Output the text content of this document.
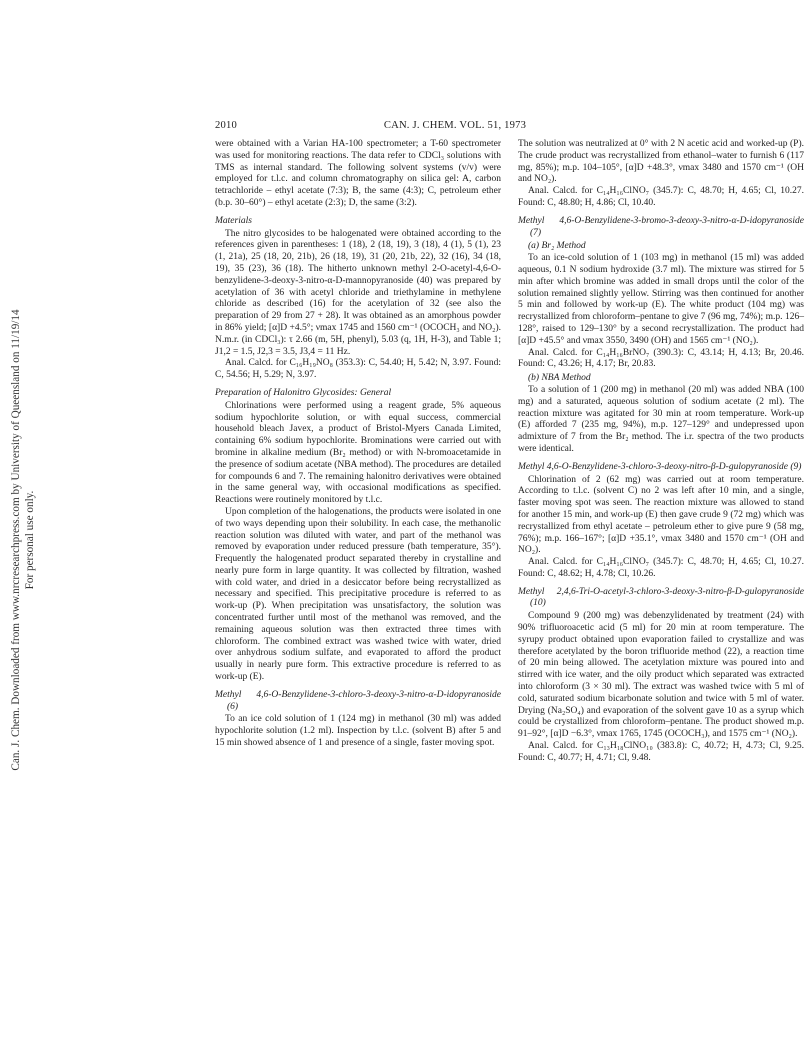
Can. J. Chem. Downloaded from www.nrcresearchpress.com by University of Queensland on 11/19/14 For personal use only.
2010	CAN. J. CHEM. VOL. 51, 1973

were obtained with a Varian HA-100 spectrometer; a T-60 spectrometer was used for monitoring reactions. The data refer to CDCl₃ solutions with TMS as internal standard. The following solvent systems (v/v) were employed for t.l.c. and column chromatography on silica gel: A, carbon tetrachloride – ethyl acetate (7:3); B, the same (4:3); C, petroleum ether (b.p. 30–60°) – ethyl acetate (2:3); D, the same (3:2).

Materials

The nitro glycosides to be halogenated were obtained according to the references given in parentheses: 1 (18), 2 (18, 19), 3 (18), 4 (1), 5 (1), 23 (1, 21a), 25 (18, 20, 21b), 26 (18, 19), 31 (20, 21b, 22), 32 (16), 34 (18, 19), 35 (23), 36 (18). The hitherto unknown methyl 2-O-acetyl-4,6-O-benzylidene-3-deoxy-3-nitro-α-D-mannopyranoside (40) was prepared by acetylation of 36 with acetyl chloride and triethylamine in methylene chloride as described (16) for the acetylation of 32 (see also the preparation of 29 from 27 + 28). It was obtained as an amorphous powder in 86% yield; [α]D +4.5°; νmax 1745 and 1560 cm⁻¹ (OCOCH₃ and NO₂). N.m.r. (in CDCl₃): τ 2.66 (m, 5H, phenyl), 5.03 (q, 1H, H-3), and Table 1; J1,2 = 1.5, J2,3 = 3.5, J3,4 = 11 Hz.

Anal. Calcd. for C₁₆H₁₉NO₈ (353.3): C, 54.40; H, 5.42; N, 3.97. Found: C, 54.56; H, 5.29; N, 3.97.

Preparation of Halonitro Glycosides: General

Chlorinations were performed using a reagent grade, 5% aqueous sodium hypochlorite solution, or with equal success, commercial household bleach Javex, a product of Bristol-Myers Canada Limited, containing 6% sodium hypochlorite. Brominations were carried out with bromine in alkaline medium (Br₂ method) or with N-bromoacetamide in the presence of sodium acetate (NBA method). The procedures are detailed for compounds 6 and 7. The remaining halonitro derivatives were obtained in the same general way, with occasional modifications as specified. Reactions were routinely monitored by t.l.c.

Upon completion of the halogenations, the products were isolated in one of two ways depending upon their solubility. In each case, the methanolic reaction solution was diluted with water, and part of the methanol was removed by evaporation under reduced pressure (bath temperature, 35°). Frequently the halogenated product separated thereby in crystalline and nearly pure form in large quantity. It was collected by filtration, washed with cold water, and dried in a desiccator before being recrystallized as necessary and specified. This precipitative procedure is referred to as work-up (P). When precipitation was unsatisfactory, the solution was concentrated further until most of the methanol was removed, and the remaining aqueous solution was then extracted three times with chloroform. The combined extract was washed twice with water, dried over anhydrous sodium sulfate, and evaporated to afford the product usually in nearly pure form. This extractive procedure is referred to as work-up (E).

Methyl 4,6-O-Benzylidene-3-chloro-3-deoxy-3-nitro-α-D-idopyranoside (6)

To an ice cold solution of 1 (124 mg) in methanol (30 ml) was added hypochlorite solution (1.2 ml). Inspection by t.l.c. (solvent B) after 5 and 15 min showed absence of 1 and presence of a single, faster moving spot.

The solution was neutralized at 0° with 2 N acetic acid and worked-up (P). The crude product was recrystallized from ethanol–water to furnish 6 (117 mg, 85%); m.p. 104–105°, [α]D +48.3°, νmax 3480 and 1570 cm⁻¹ (OH and NO₂).

Anal. Calcd. for C₁₄H₁₆ClNO₇ (345.7): C, 48.70; H, 4.65; Cl, 10.27. Found: C, 48.80; H, 4.86; Cl, 10.40.

Methyl 4,6-O-Benzylidene-3-bromo-3-deoxy-3-nitro-α-D-idopyranoside (7)

(a) Br₂ Method

To an ice-cold solution of 1 (103 mg) in methanol (15 ml) was added aqueous, 0.1 N sodium hydroxide (3.7 ml). The mixture was stirred for 5 min after which bromine was added in small drops until the color of the solution remained slightly yellow. Stirring was then continued for another 5 min and followed by work-up (E). The white product (104 mg) was recrystallized from chloroform–pentane to give 7 (96 mg, 74%); m.p. 126–128°, raised to 129–130° by a second recrystallization. The product had [α]D +45.5° and νmax 3550, 3490 (OH) and 1565 cm⁻¹ (NO₂).

Anal. Calcd. for C₁₄H₁₆BrNO₇ (390.3): C, 43.14; H, 4.13; Br, 20.46. Found: C, 43.26; H, 4.17; Br, 20.83.

(b) NBA Method

To a solution of 1 (200 mg) in methanol (20 ml) was added NBA (100 mg) and a saturated, aqueous solution of sodium acetate (2 ml). The reaction mixture was agitated for 30 min at room temperature. Work-up (E) afforded 7 (235 mg, 94%), m.p. 127–129° and undepressed upon admixture of 7 from the Br₂ method. The i.r. spectra of the two products were identical.

Methyl 4,6-O-Benzylidene-3-chloro-3-deoxy-nitro-β-D-gulopyranoside (9)

Chlorination of 2 (62 mg) was carried out at room temperature. According to t.l.c. (solvent C) no 2 was left after 10 min, and a single, faster moving spot was seen. The reaction mixture was allowed to stand for another 15 min, and work-up (E) then gave crude 9 (72 mg) which was recrystallized from ethyl acetate – petroleum ether to give pure 9 (58 mg, 76%); m.p. 166–167°; [α]D +35.1°, νmax 3480 and 1570 cm⁻¹ (OH and NO₂).

Anal. Calcd. for C₁₄H₁₆ClNO₇ (345.7): C, 48.70; H, 4.65; Cl, 10.27. Found: C, 48.62; H, 4.78; Cl, 10.26.

Methyl 2,4,6-Tri-O-acetyl-3-chloro-3-deoxy-3-nitro-β-D-gulopyranoside (10)

Compound 9 (200 mg) was debenzylidenated by treatment (24) with 90% trifluoroacetic acid (5 ml) for 20 min at room temperature. The syrupy product obtained upon evaporation failed to crystallize and was therefore acetylated by the boron trifluoride method (22), a reaction time of 20 min being allowed. The acetylation mixture was poured into and stirred with ice water, and the oily product which separated was extracted into chloroform (3 × 30 ml). The extract was washed twice with 5 ml of cold, saturated sodium bicarbonate solution and twice with 5 ml of water. Drying (Na₂SO₄) and evaporation of the solvent gave 10 as a syrup which could be crystallized from chloroform–pentane. The product showed m.p. 91–92°, [α]D −6.3°, νmax 1765, 1745 (OCOCH₃), and 1575 cm⁻¹ (NO₂).

Anal. Calcd. for C₁₃H₁₈ClNO₁₀ (383.8): C, 40.72; H, 4.73; Cl, 9.25. Found: C, 40.77; H, 4.71; Cl, 9.48.
